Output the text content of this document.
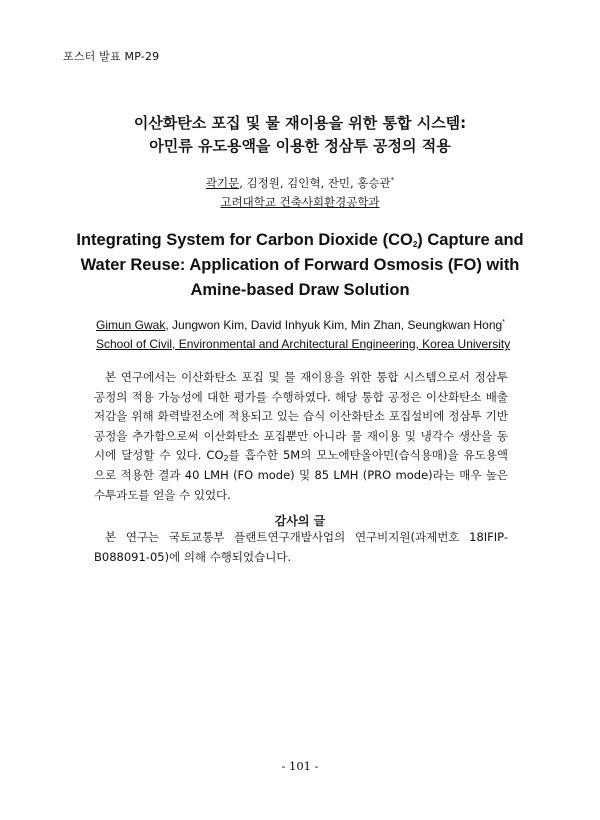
포스터 발표 MP-29
이산화탄소 포집 및 물 재이용을 위한 통합 시스템:
아민류 유도용액을 이용한 정삼투 공정의 적용
곽기문, 김정원, 김인혁, 잔민, 홍승관*
고려대학교 건축사회환경공학과
Integrating System for Carbon Dioxide $(CO_2)$ Capture and
Water Reuse: Application of Forward Osmosis (FO) with
Amine-based Draw Solution
Gimun Gwak, Jungwon Kim, David Inhyuk Kim, Min Zhan, Seungkwan Hong*
School of Civil, Environmental and Architectural Engineering, Korea University
본 연구에서는 이산화탄소 포집 및 물 재이용을 위한 통합 시스템으로서 정삼투 공정의 적용 가능성에 대한 평가를 수행하였다. 해당 통합 공정은 이산화탄소 배출 저감을 위해 화력발전소에 적용되고 있는 습식 이산화탄소 포집설비에 정삼투 기반 공정을 추가함으로써 이산화탄소 포집뿐만 아니라 물 재이용 및 냉각수 생산을 동시에 달성할 수 있다. $CO_2$를 흡수한 5M의 모노에탄올아민(습식용매)을 유도용액으로 적용한 결과 40 LMH (FO mode) 및 85 LMH (PRO mode)라는 매우 높은 수투과도를 얻을 수 있었다.
감사의 글
본 연구는 국토교통부 플랜트연구개발사업의 연구비지원(과제번호 18IFIP-B088091-05)에 의해 수행되었습니다.
- 101 -
